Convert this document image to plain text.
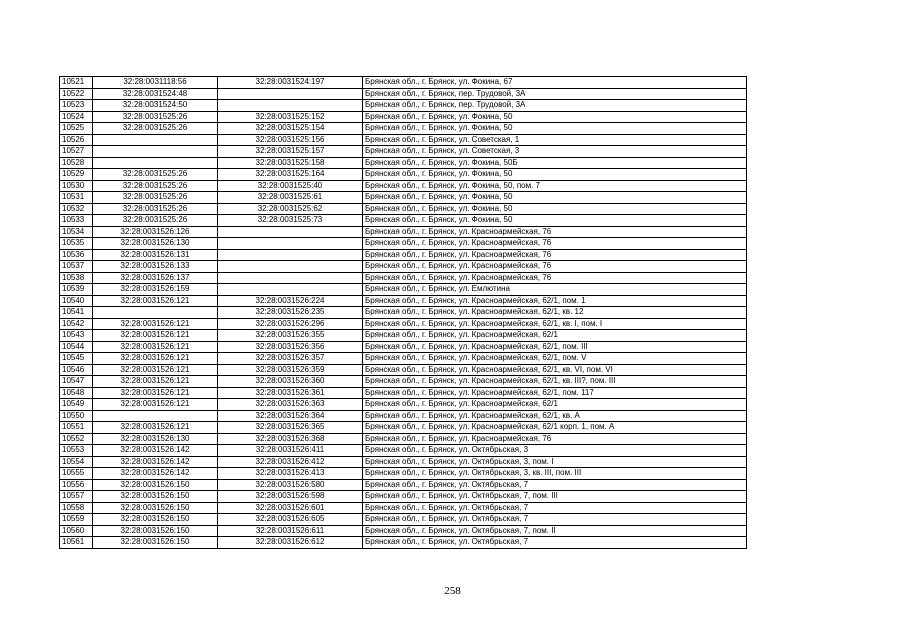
10521	32:28:0031118:56	32:28:0031524:197	Брянская обл., г. Брянск, ул. Фокина, 67
10522	32:28:0031524:48		Брянская обл., г. Брянск, пер. Трудовой, 3А
10523	32:28:0031524:50		Брянская обл., г. Брянск, пер. Трудовой, 3А
10524	32:28:0031525:26	32:28:0031525:152	Брянская обл., г. Брянск, ул. Фокина, 50
10525	32:28:0031525:26	32:28:0031525:154	Брянская обл., г. Брянск, ул. Фокина, 50
10526		32:28:0031525:156	Брянская обл., г. Брянск, ул. Советская, 1
10527		32:28:0031525:157	Брянская обл., г. Брянск, ул. Советская, 3
10528		32:28:0031525:158	Брянская обл., г. Брянск, ул. Фокина, 50Б
10529	32:28:0031525:26	32:28:0031525:164	Брянская обл., г. Брянск, ул. Фокина, 50
10530	32:28:0031525:26	32:28:0031525:40	Брянская обл., г. Брянск, ул. Фокина, 50, пом. 7
10531	32:28:0031525:26	32:28:0031525:61	Брянская обл., г. Брянск, ул. Фокина, 50
10532	32:28:0031525:26	32:28:0031525:62	Брянская обл., г. Брянск, ул. Фокина, 50
10533	32:28:0031525:26	32:28:0031525:73	Брянская обл., г. Брянск, ул. Фокина, 50
10534	32:28:0031526:126		Брянская обл., г. Брянск, ул. Красноармейская, 76
10535	32:28:0031526:130		Брянская обл., г. Брянск, ул. Красноармейская, 76
10536	32:28:0031526:131		Брянская обл., г. Брянск, ул. Красноармейская, 76
10537	32:28:0031526:133		Брянская обл., г. Брянск, ул. Красноармейская, 76
10538	32:28:0031526:137		Брянская обл., г. Брянск, ул. Красноармейская, 76
10539	32:28:0031526:159		Брянская обл., г. Брянск, ул. Емлютина
10540	32:28:0031526:121	32:28:0031526:224	Брянская обл., г. Брянск, ул. Красноармейская, 62/1, пом. 1
10541		32:28:0031526:235	Брянская обл., г. Брянск, ул. Красноармейская, 62/1, кв. 12
10542	32:28:0031526:121	32:28:0031526:296	Брянская обл., г. Брянск, ул. Красноармейская, 62/1, кв. I, пом. I
10543	32:28:0031526:121	32:28:0031526:355	Брянская обл., г. Брянск, ул. Красноармейская, 62/1
10544	32:28:0031526:121	32:28:0031526:356	Брянская обл., г. Брянск, ул. Красноармейская, 62/1, пом. III
10545	32:28:0031526:121	32:28:0031526:357	Брянская обл., г. Брянск, ул. Красноармейская, 62/1, пом. V
10546	32:28:0031526:121	32:28:0031526:359	Брянская обл., г. Брянск, ул. Красноармейская, 62/1, кв. VI, пом. VI
10547	32:28:0031526:121	32:28:0031526:360	Брянская обл., г. Брянск, ул. Красноармейская, 62/1, кв. III?, пом. III
10548	32:28:0031526:121	32:28:0031526:361	Брянская обл., г. Брянск, ул. Красноармейская, 62/1, пом. 117
10549	32:28:0031526:121	32:28:0031526:363	Брянская обл., г. Брянск, ул. Красноармейская, 62/1
10550		32:28:0031526:364	Брянская обл., г. Брянск, ул. Красноармейская, 62/1, кв. А
10551	32:28:0031526:121	32:28:0031526:365	Брянская обл., г. Брянск, ул. Красноармейская, 62/1 корп. 1, пом. А
10552	32:28:0031526:130	32:28:0031526:368	Брянская обл., г. Брянск, ул. Красноармейская, 76
10553	32:28:0031526:142	32:28:0031526:411	Брянская обл., г. Брянск, ул. Октябрьская, 3
10554	32:28:0031526:142	32:28:0031526:412	Брянская обл., г. Брянск, ул. Октябрьская, 3, пом. I
10555	32:28:0031526:142	32:28:0031526:413	Брянская обл., г. Брянск, ул. Октябрьская, 3, кв. III, пом. III
10556	32:28:0031526:150	32:28:0031526:580	Брянская обл., г. Брянск, ул. Октябрьская, 7
10557	32:28:0031526:150	32:28:0031526:598	Брянская обл., г. Брянск, ул. Октябрьская, 7, пом. III
10558	32:28:0031526:150	32:28:0031526:601	Брянская обл., г. Брянск, ул. Октябрьская, 7
10559	32:28:0031526:150	32:28:0031526:605	Брянская обл., г. Брянск, ул. Октябрьская, 7
10560	32:28:0031526:150	32:28:0031526:611	Брянская обл., г. Брянск, ул. Октябрьская, 7, пом. II
10561	32:28:0031526:150	32:28:0031526:612	Брянская обл., г. Брянск, ул. Октябрьская, 7
258
